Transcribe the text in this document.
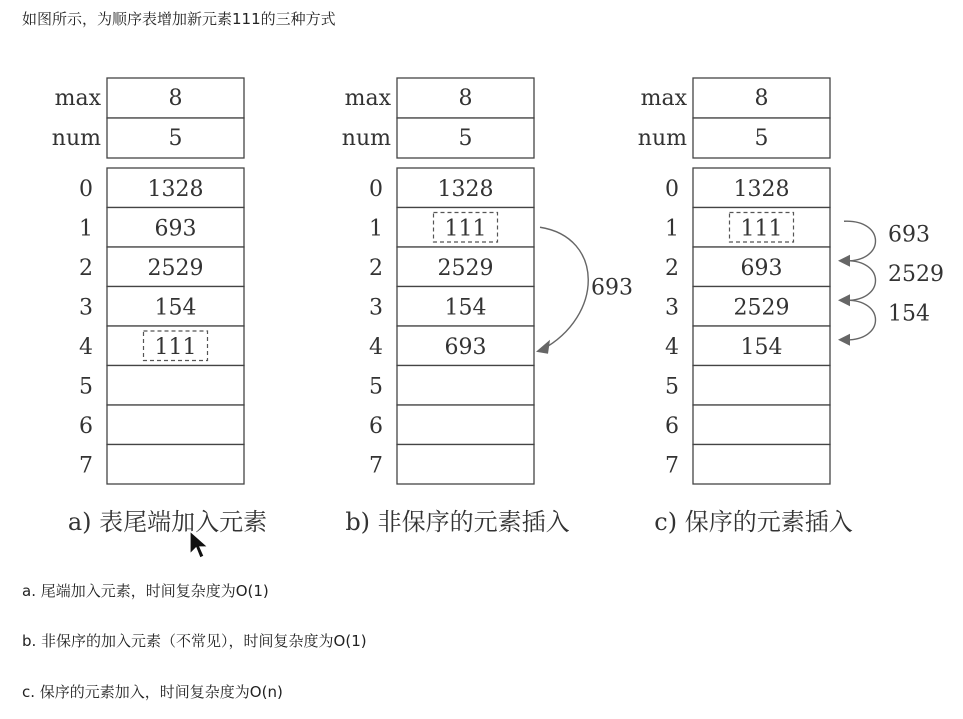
如图所示，为顺序表增加新元素111的三种方式
max	8
num	5
0 1328
1	693
2 2529
3	154
4	111
5
6
7
a) 表尾端加入元素
max	8
num	5
0 1328
1	111
2 2529
3	154
4	693
5
6
7
b) 非保序的元素插入
max	8
num	5
0 1328
1	111
2	693
3 2529
4	154
5
6
7
c) 保序的元素插入
693
693
2529
154
a. 尾端加入元素，时间复杂度为O(1)
b. 非保序的加入元素（不常见），时间复杂度为O(1)
c. 保序的元素加入，时间复杂度为O(n)
